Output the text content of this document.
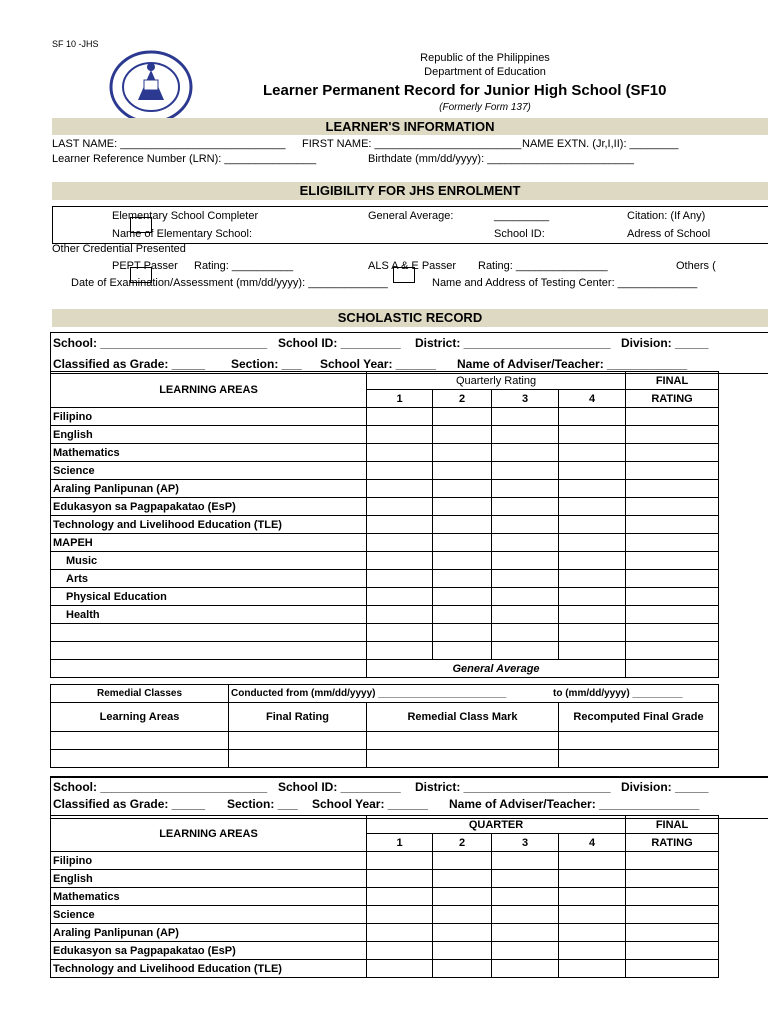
SF 10 -JHS
Republic of the Philippines
Department of Education
Learner Permanent Record for Junior High School (SF10
(Formerly Form 137)
LEARNER'S INFORMATION
LAST NAME: ___________________________ FIRST NAME: ________________________ NAME EXTN. (Jr,I,II): ________
Learner Reference Number (LRN): _______________	Birthdate (mm/dd/yyyy): ________________________
ELIGIBILITY FOR JHS ENROLMENT
Elementary School Completer	General Average:	_________	Citation: (If Any)
Name of Elementary School:	School ID:	Adress of School
Other Credential Presented
PEPT Passer Rating: __________	ALS A & E Passer Rating: _______________	Others (
Date of Examination/Assessment (mm/dd/yyyy): _____________	Name and Address of Testing Center: _____________
SCHOLASTIC RECORD
School: _________________________ School ID: _________ District: ______________________ Division: _____
Classified as Grade: _____ Section: ___ School Year: ______ Name of Adviser/Teacher: ____________
LEARNING AREAS	Quarterly Rating				FINAL
	1	2	3	4	RATING
Filipino					
English					
Mathematics					
Science					
Araling Panlipunan (AP)					
Edukasyon sa Pagpapakatao (EsP)					
Technology and Livelihood Education (TLE)					
MAPEH					
Music					
Arts					
Physical Education					
Health					

	General Average				
Remedial Classes	Conducted from (mm/dd/yyyy) _______________________ to (mm/dd/yyyy) _________		

Learning Areas	Final Rating	Remedial Class Mark	Recomputed Final Grade

School: _________________________ School ID: _________ District: ______________________ Division: _____
Classified as Grade: _____ Section: ___ School Year: ______ Name of Adviser/Teacher: _______________
LEARNING AREAS	QUARTER				FINAL
	1	2	3	4	RATING
Filipino					
English					
Mathematics					
Science					
Araling Panlipunan (AP)					
Edukasyon sa Pagpapakatao (EsP)					
Technology and Livelihood Education (TLE)					
